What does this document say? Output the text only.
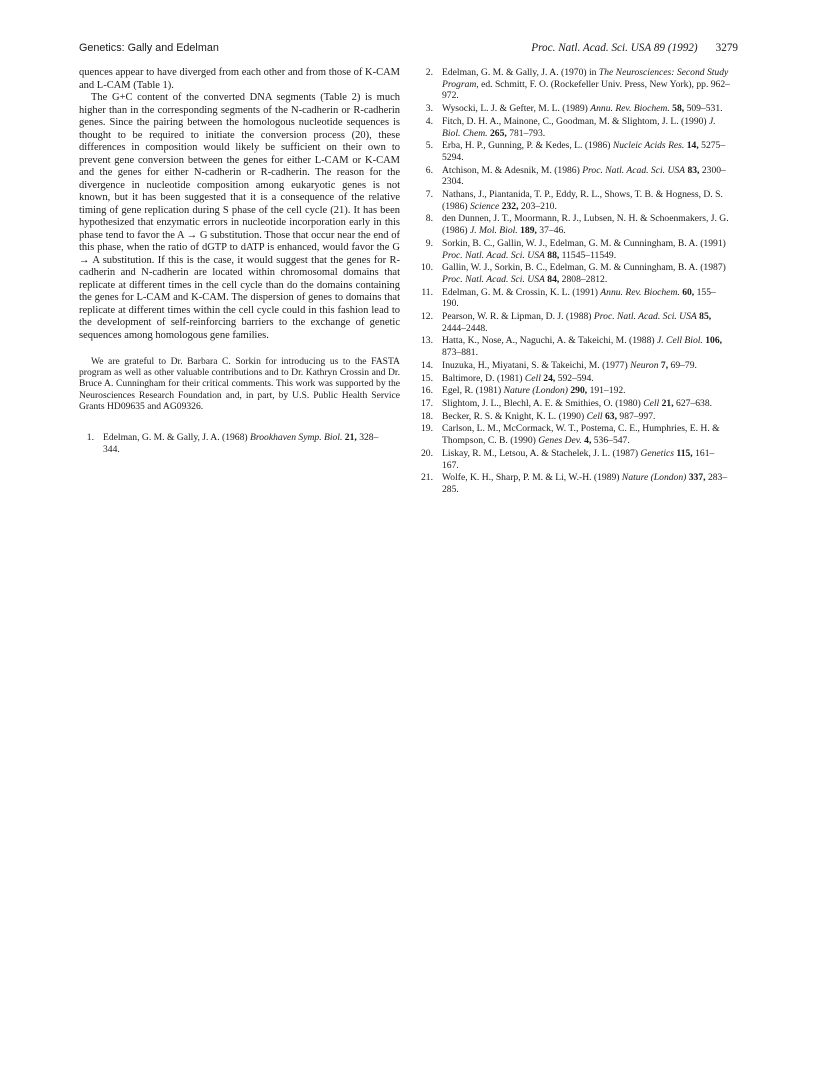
Genetics: Gally and Edelman	Proc. Natl. Acad. Sci. USA 89 (1992) 3279

quences appear to have diverged from each other and from those of K-CAM and L-CAM (Table 1).

The G+C content of the converted DNA segments (Table 2) is much higher than in the corresponding segments of the N-cadherin or R-cadherin genes. Since the pairing between the homologous nucleotide sequences is thought to be required to initiate the conversion process (20), these differences in composition would likely be sufficient on their own to prevent gene conversion between the genes for either L-CAM or K-CAM and the genes for either N-cadherin or R-cadherin. The reason for the divergence in nucleotide composition among eukaryotic genes is not known, but it has been suggested that it is a consequence of the relative timing of gene replication during S phase of the cell cycle (21). It has been hypothesized that enzymatic errors in nucleotide incorporation early in this phase tend to favor the A → G substitution. Those that occur near the end of this phase, when the ratio of dGTP to dATP is enhanced, would favor the G → A substitution. If this is the case, it would suggest that the genes for R-cadherin and N-cadherin are located within chromosomal domains that replicate at different times in the cell cycle than do the domains containing the genes for L-CAM and K-CAM. The dispersion of genes to domains that replicate at different times within the cell cycle could in this fashion lead to the development of self-reinforcing barriers to the exchange of genetic sequences among homologous gene families.

We are grateful to Dr. Barbara C. Sorkin for introducing us to the FASTA program as well as other valuable contributions and to Dr. Kathryn Crossin and Dr. Bruce A. Cunningham for their critical comments. This work was supported by the Neurosciences Research Foundation and, in part, by U.S. Public Health Service Grants HD09635 and AG09326.

1. Edelman, G. M. & Gally, J. A. (1968) Brookhaven Symp. Biol. 21, 328–344.
2. Edelman, G. M. & Gally, J. A. (1970) in The Neurosciences: Second Study Program, ed. Schmitt, F. O. (Rockefeller Univ. Press, New York), pp. 962–972.
3. Wysocki, L. J. & Gefter, M. L. (1989) Annu. Rev. Biochem. 58, 509–531.
4. Fitch, D. H. A., Mainone, C., Goodman, M. & Slightom, J. L. (1990) J. Biol. Chem. 265, 781–793.
5. Erba, H. P., Gunning, P. & Kedes, L. (1986) Nucleic Acids Res. 14, 5275–5294.
6. Atchison, M. & Adesnik, M. (1986) Proc. Natl. Acad. Sci. USA 83, 2300–2304.
7. Nathans, J., Piantanida, T. P., Eddy, R. L., Shows, T. B. & Hogness, D. S. (1986) Science 232, 203–210.
8. den Dunnen, J. T., Moormann, R. J., Lubsen, N. H. & Schoenmakers, J. G. (1986) J. Mol. Biol. 189, 37–46.
9. Sorkin, B. C., Gallin, W. J., Edelman, G. M. & Cunningham, B. A. (1991) Proc. Natl. Acad. Sci. USA 88, 11545–11549.
10. Gallin, W. J., Sorkin, B. C., Edelman, G. M. & Cunningham, B. A. (1987) Proc. Natl. Acad. Sci. USA 84, 2808–2812.
11. Edelman, G. M. & Crossin, K. L. (1991) Annu. Rev. Biochem. 60, 155–190.
12. Pearson, W. R. & Lipman, D. J. (1988) Proc. Natl. Acad. Sci. USA 85, 2444–2448.
13. Hatta, K., Nose, A., Naguchi, A. & Takeichi, M. (1988) J. Cell Biol. 106, 873–881.
14. Inuzuka, H., Miyatani, S. & Takeichi, M. (1977) Neuron 7, 69–79.
15. Baltimore, D. (1981) Cell 24, 592–594.
16. Egel, R. (1981) Nature (London) 290, 191–192.
17. Slightom, J. L., Blechl, A. E. & Smithies, O. (1980) Cell 21, 627–638.
18. Becker, R. S. & Knight, K. L. (1990) Cell 63, 987–997.
19. Carlson, L. M., McCormack, W. T., Postema, C. E., Humphries, E. H. & Thompson, C. B. (1990) Genes Dev. 4, 536–547.
20. Liskay, R. M., Letsou, A. & Stachelek, J. L. (1987) Genetics 115, 161–167.
21. Wolfe, K. H., Sharp, P. M. & Li, W.-H. (1989) Nature (London) 337, 283–285.
